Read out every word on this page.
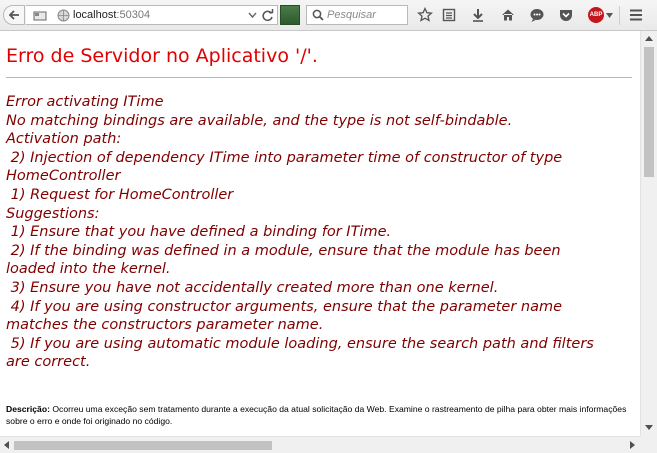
localhost:50304	Pesquisar	ABP
Erro de Servidor no Aplicativo '/'.
Error activating ITime
No matching bindings are available, and the type is not self-bindable.
Activation path:
2) Injection of dependency ITime into parameter time of constructor of type
HomeController
1) Request for HomeController
Suggestions:
1) Ensure that you have defined a binding for ITime.
2) If the binding was defined in a module, ensure that the module has been
loaded into the kernel.
3) Ensure you have not accidentally created more than one kernel.
4) If you are using constructor arguments, ensure that the parameter name
matches the constructors parameter name.
5) If you are using automatic module loading, ensure the search path and filters
are correct.
Descrição: Ocorreu uma exceção sem tratamento durante a execução da atual solicitação da Web. Examine o rastreamento de pilha para obter mais informações sobre o erro e onde foi originado no código.
